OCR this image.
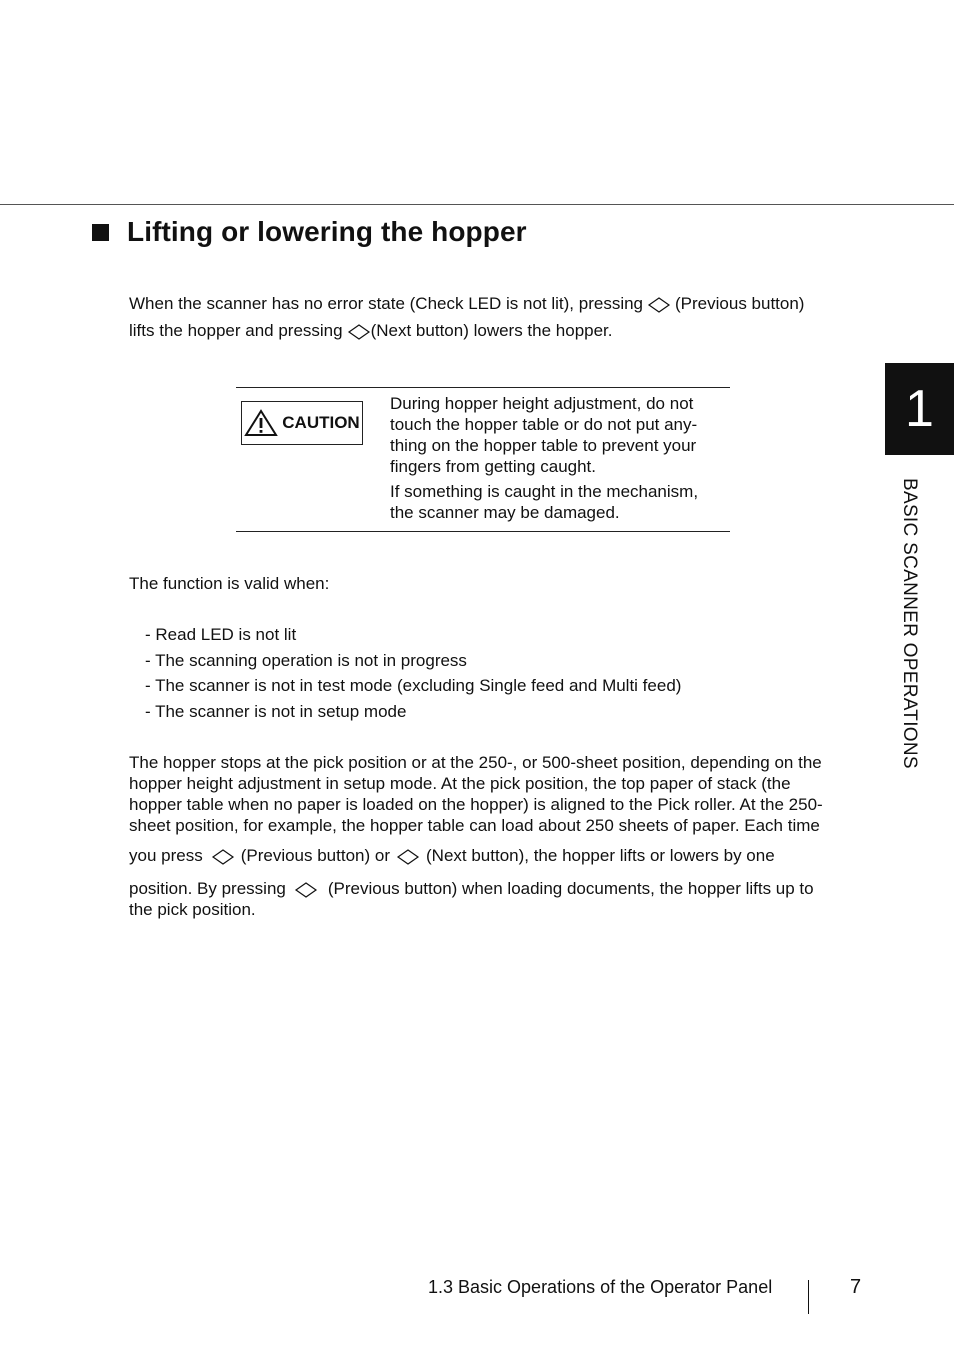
Lifting or lowering the hopper
When the scanner has no error state (Check LED is not lit), pressing (Previous button)
lifts the hopper and pressing (Next button) lowers the hopper.
CAUTION
During hopper height adjustment, do not
touch the hopper table or do not put any-
thing on the hopper table to prevent your
fingers from getting caught.
If something is caught in the mechanism,
the scanner may be damaged.
The function is valid when:
- Read LED is not lit
- The scanning operation is not in progress
- The scanner is not in test mode (excluding Single feed and Multi feed)
- The scanner is not in setup mode
The hopper stops at the pick position or at the 250-, or 500-sheet position, depending on the
hopper height adjustment in setup mode. At the pick position, the top paper of stack (the
hopper table when no paper is loaded on the hopper) is aligned to the Pick roller. At the 250-
sheet position, for example, the hopper table can load about 250 sheets of paper. Each time
you press (Previous button) or (Next button), the hopper lifts or lowers by one
position. By pressing (Previous button) when loading documents, the hopper lifts up to
the pick position.
1
BASIC SCANNER OPERATIONS
1.3 Basic Operations of the Operator Panel	7
